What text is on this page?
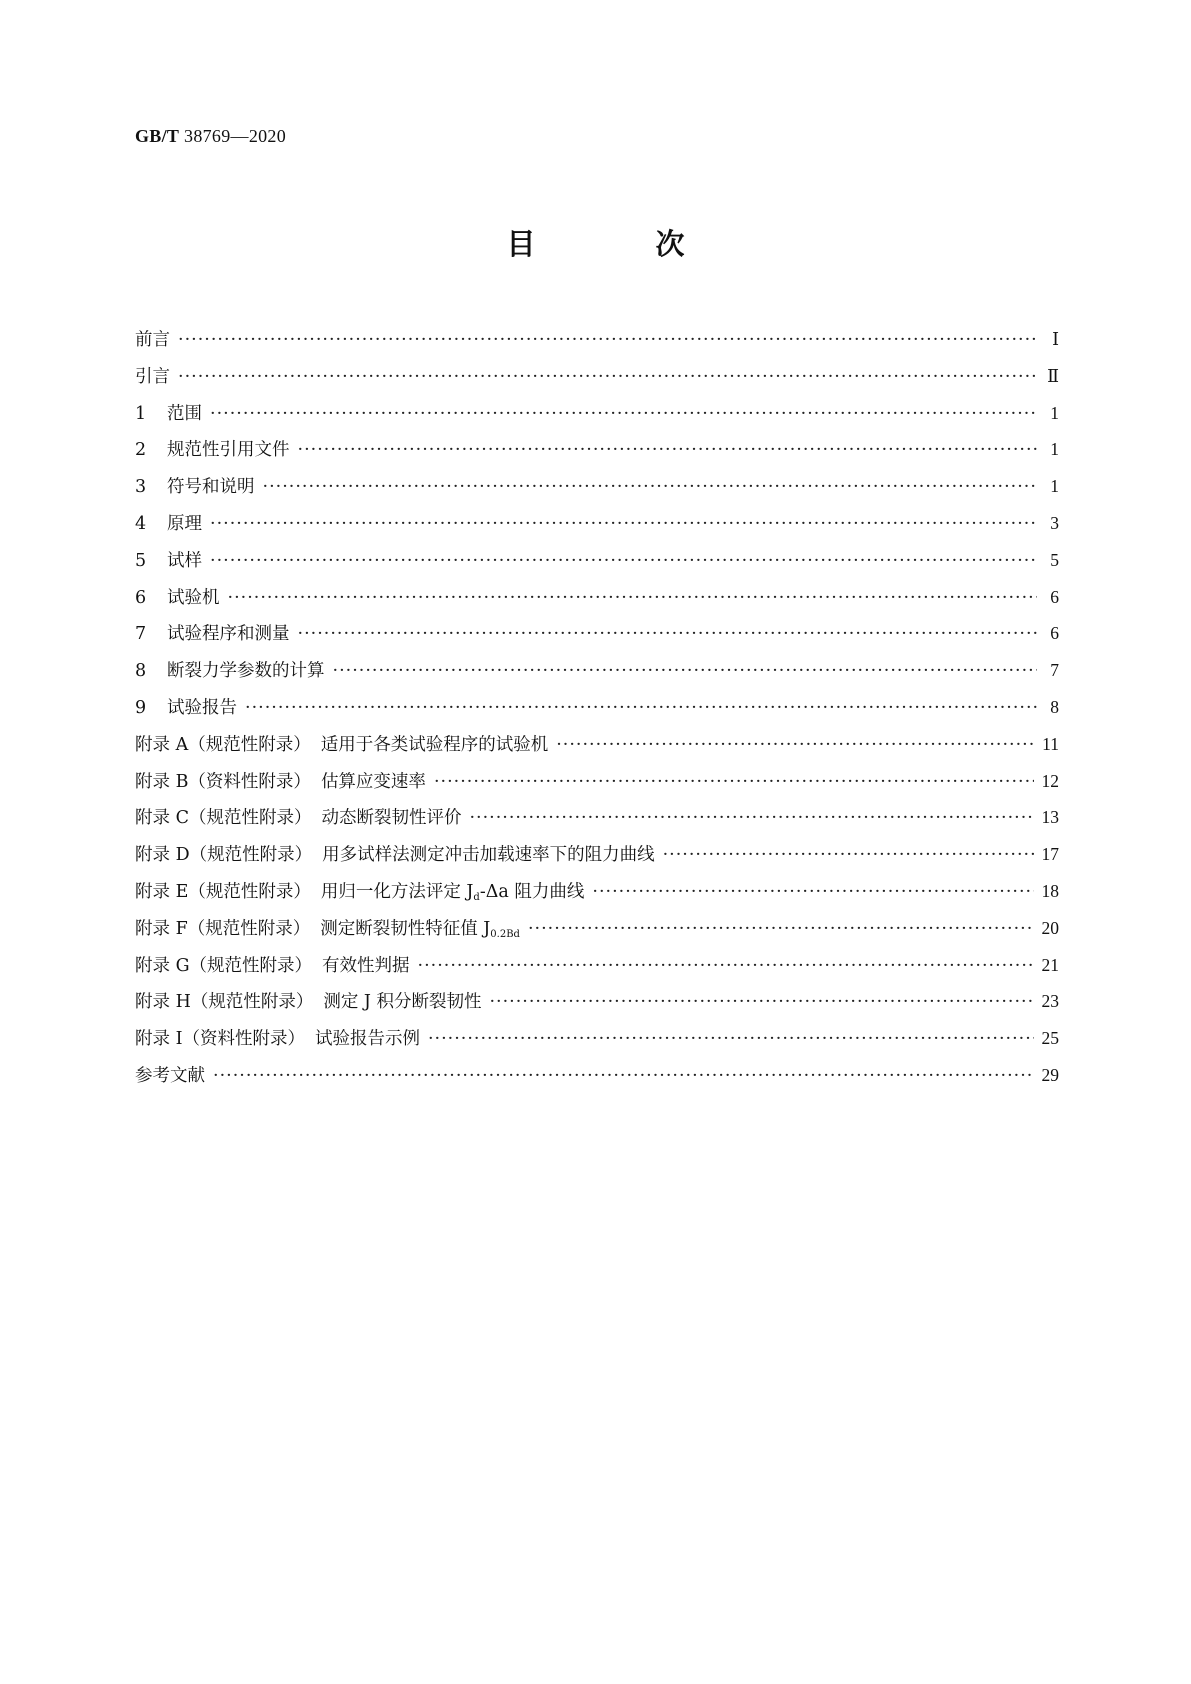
GB/T 38769—2020
目 次
前言 ·····	Ⅰ
引言 ·····	Ⅱ
1 范围 ·····	1
2 规范性引用文件 ·····	1
3 符号和说明 ·····	1
4 原理 ·····	3
5 试样 ·····	5
6 试验机 ·····	6
7 试验程序和测量 ·····	6
8 断裂力学参数的计算 ·····	7
9 试验报告 ·····	8
附录 A（规范性附录） 适用于各类试验程序的试验机 ·····	11
附录 B（资料性附录） 估算应变速率 ·····	12
附录 C（规范性附录） 动态断裂韧性评价 ·····	13
附录 D（规范性附录） 用多试样法测定冲击加载速率下的阻力曲线 ·····	17
附录 E（规范性附录） 用归一化方法评定 $J_d-\Delta a$ 阻力曲线 ·····	18
附录 F（规范性附录） 测定断裂韧性特征值 $J_{0.2Bd}$ ·····	20
附录 G（规范性附录） 有效性判据 ·····	21
附录 H（规范性附录） 测定 J 积分断裂韧性 ·····	23
附录 I（资料性附录） 试验报告示例 ·····	25
参考文献 ·····	29
